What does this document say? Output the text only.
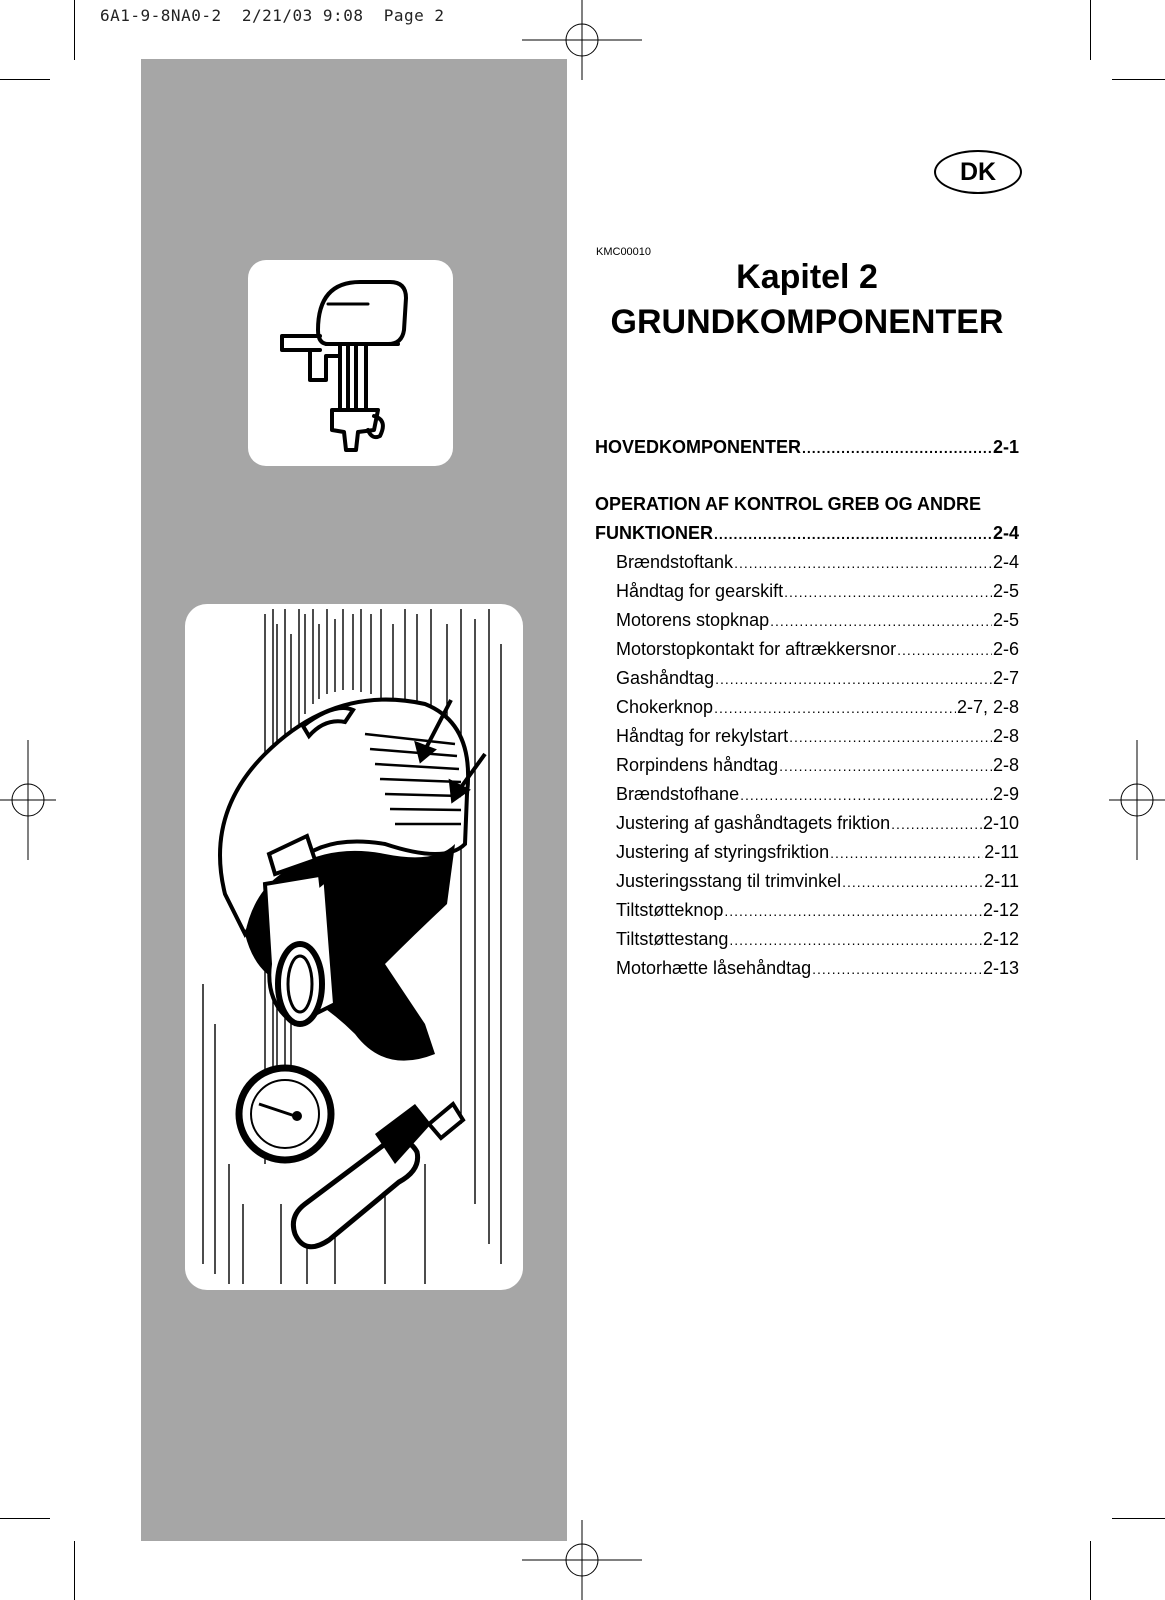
6A1-9-8NA0-2  2/21/03 9:08  Page 2
DK
KMC00010
Kapitel 2
GRUNDKOMPONENTER
HOVEDKOMPONENTER .....	2-1
OPERATION AF KONTROL GREB OG ANDRE
FUNKTIONER .....	2-4
Brændstoftank .....	2-4
Håndtag for gearskift .....	2-5
Motorens stopknap .....	2-5
Motorstopkontakt for aftrækkersnor .....	2-6
Gashåndtag .....	2-7
Chokerknop .....	2-7, 2-8
Håndtag for rekylstart .....	2-8
Rorpindens håndtag .....	2-8
Brændstofhane .....	2-9
Justering af gashåndtagets friktion .....	2-10
Justering af styringsfriktion .....	2-11
Justeringsstang til trimvinkel .....	2-11
Tiltstøtteknop .....	2-12
Tiltstøttestang .....	2-12
Motorhætte låsehåndtag .....	2-13
